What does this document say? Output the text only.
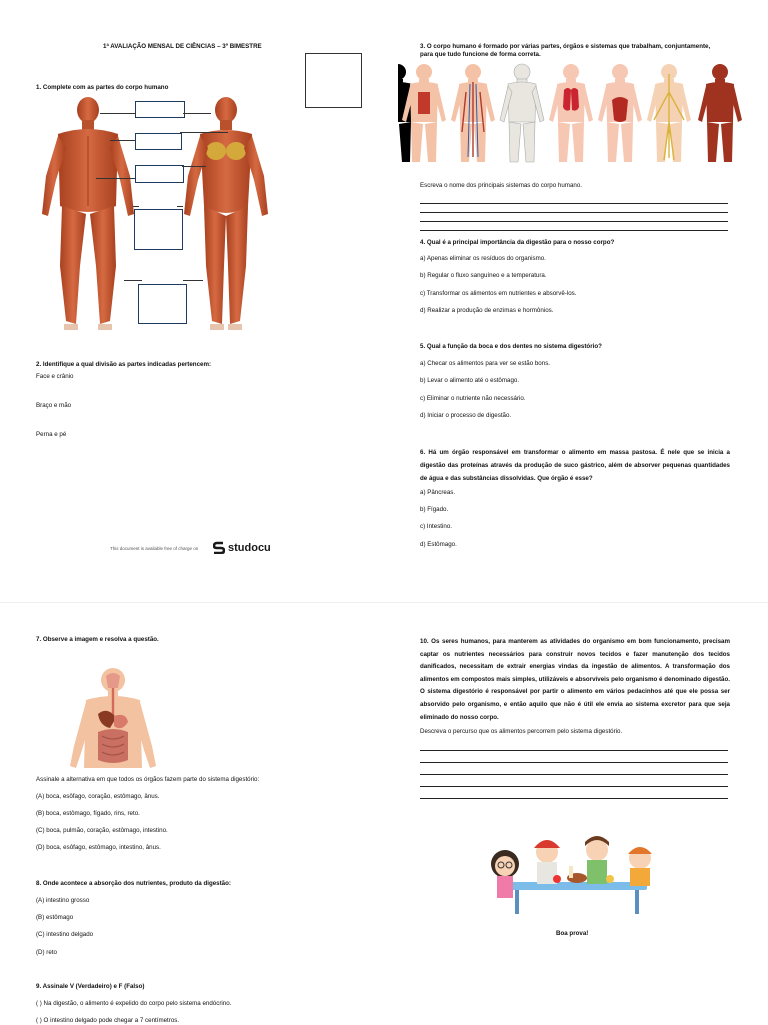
1ª AVALIAÇÃO MENSAL DE CIÊNCIAS – 3º BIMESTRE

1. Complete com as partes do corpo humano

2. Identifique a qual divisão as partes indicadas pertencem:

Face e crânio

Braço e mão

Perna e pé

This document is available free of charge on	studocu

3. O corpo humano é formado por várias partes, órgãos e sistemas que trabalham, conjuntamente,

para que tudo funcione de forma correta.

Escreva o nome dos principais sistemas do corpo humano.

4. Qual é a principal importância da digestão para o nosso corpo?

a) Apenas eliminar os resíduos do organismo.

b) Regular o fluxo sanguíneo e a temperatura.

c) Transformar os alimentos em nutrientes e absorvê-los.

d) Realizar a produção de enzimas e hormônios.

5. Qual a função da boca e dos dentes no sistema digestório?

a) Checar os alimentos para ver se estão bons.

b) Levar o alimento até o estômago.

c) Eliminar o nutriente não necessário.

d) Iniciar o processo de digestão.

6. Há um órgão responsável em transformar o alimento em massa pastosa. É nele que se inicia a digestão das proteínas através da produção de suco gástrico, além de absorver pequenas quantidades de água e das substâncias dissolvidas. Que órgão é esse?

a) Pâncreas.

b) Fígado.

c) Intestino.

d) Estômago.

7. Observe a imagem e resolva a questão.

Assinale a alternativa em que todos os órgãos fazem parte do sistema digestório:

(A) boca, esôfago, coração, estômago, ânus.

(B) boca, estômago, fígado, rins, reto.

(C) boca, pulmão, coração, estômago, intestino.

(D) boca, esôfago, estômago, intestino, ânus.

8. Onde acontece a absorção dos nutrientes, produto da digestão:

(A) intestino grosso

(B) estômago

(C) intestino delgado

(D) reto

9. Assinale V (Verdadeiro) e F (Falso)

( ) Na digestão, o alimento é expelido do corpo pelo sistema endócrino.

( ) O intestino delgado pode chegar a 7 centímetros.

10. Os seres humanos, para manterem as atividades do organismo em bom funcionamento, precisam captar os nutrientes necessários para construir novos tecidos e fazer manutenção dos tecidos danificados, necessitam de extrair energias vindas da ingestão de alimentos. A transformação dos alimentos em compostos mais simples, utilizáveis e absorvíveis pelo organismo é denominado digestão. O sistema digestório é responsável por partir o alimento em vários pedacinhos até que ele possa ser absorvido pelo organismo, e então aquilo que não é útil ele envia ao sistema excretor para que seja eliminado do nosso corpo.

Descreva o percurso que os alimentos percorrem pelo sistema digestório.

Boa prova!
